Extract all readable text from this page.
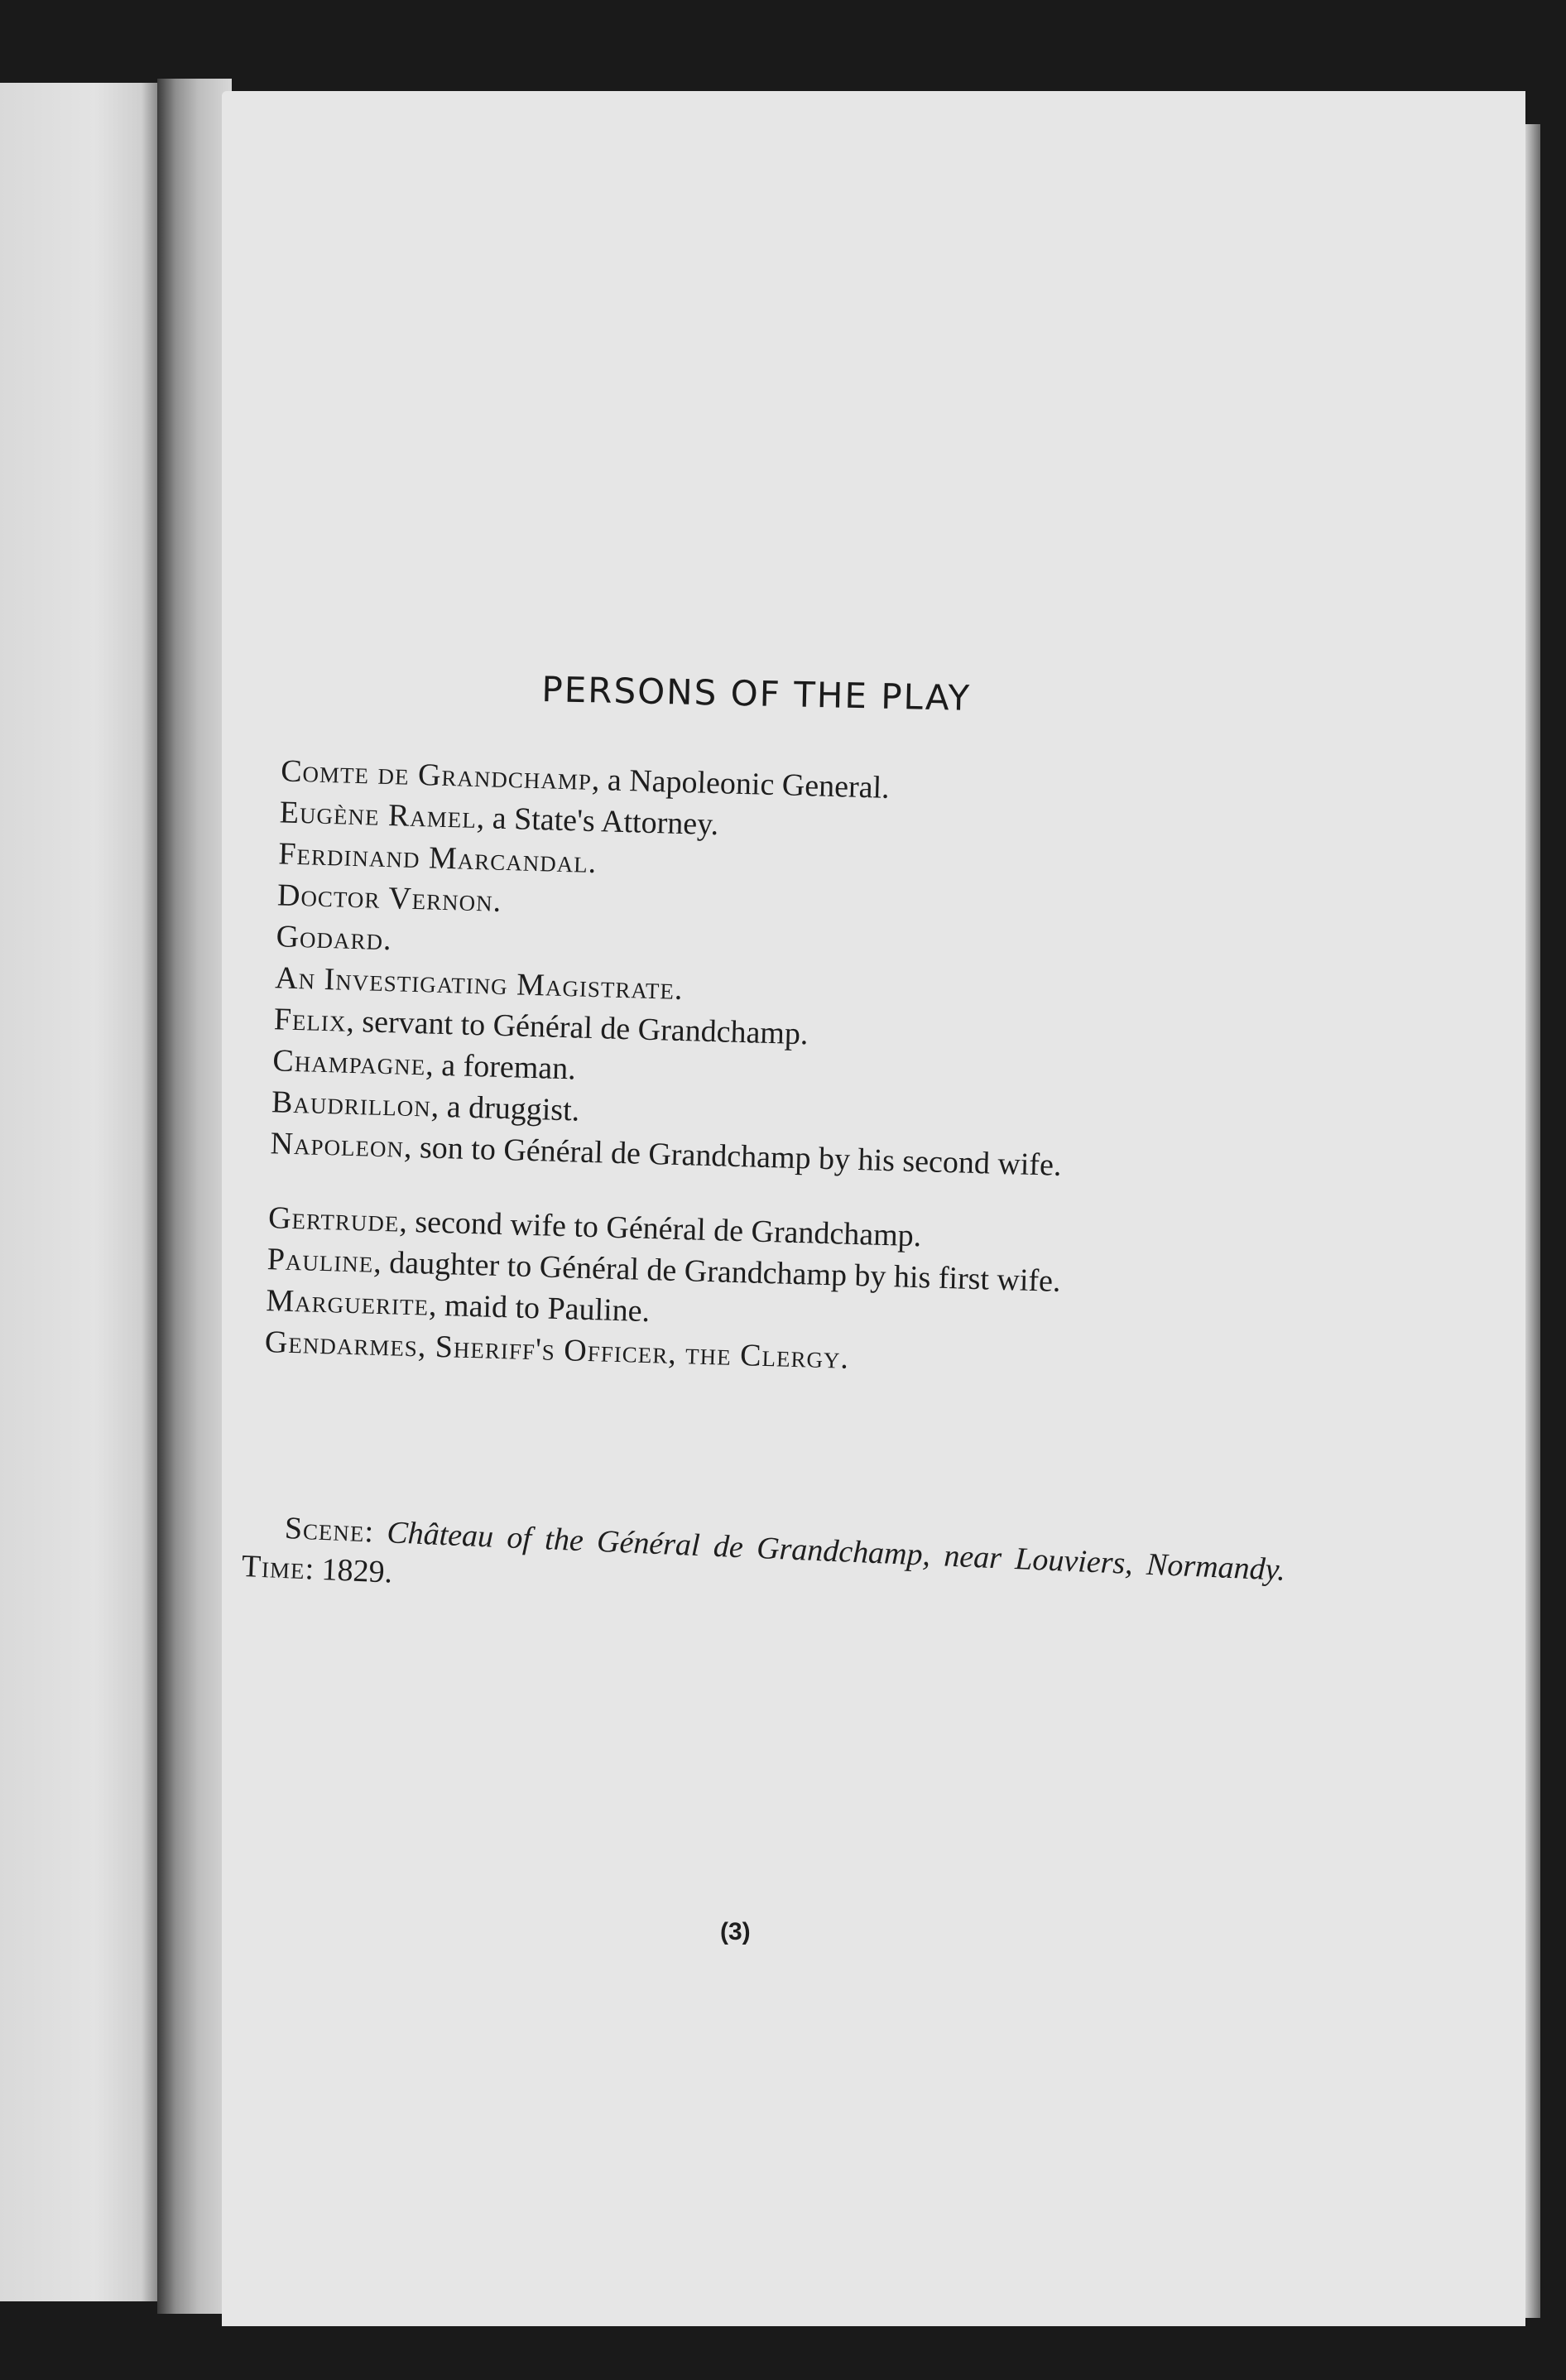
PERSONS OF THE PLAY

Comte de Grandchamp, a Napoleonic General.

Eugène Ramel, a State's Attorney.

Ferdinand Marcandal.

Doctor Vernon.

Godard.

An Investigating Magistrate.

Felix, servant to Général de Grandchamp.

Champagne, a foreman.

Baudrillon, a druggist.

Napoleon, son to Général de Grandchamp by his second wife.

Gertrude, second wife to Général de Grandchamp.

Pauline, daughter to Général de Grandchamp by his first wife.

Marguerite, maid to Pauline.

Gendarmes, Sheriff's Officer, the Clergy.

Scene: Château of the Général de Grandchamp, near Louviers, Normandy. Time: 1829.
(3)
